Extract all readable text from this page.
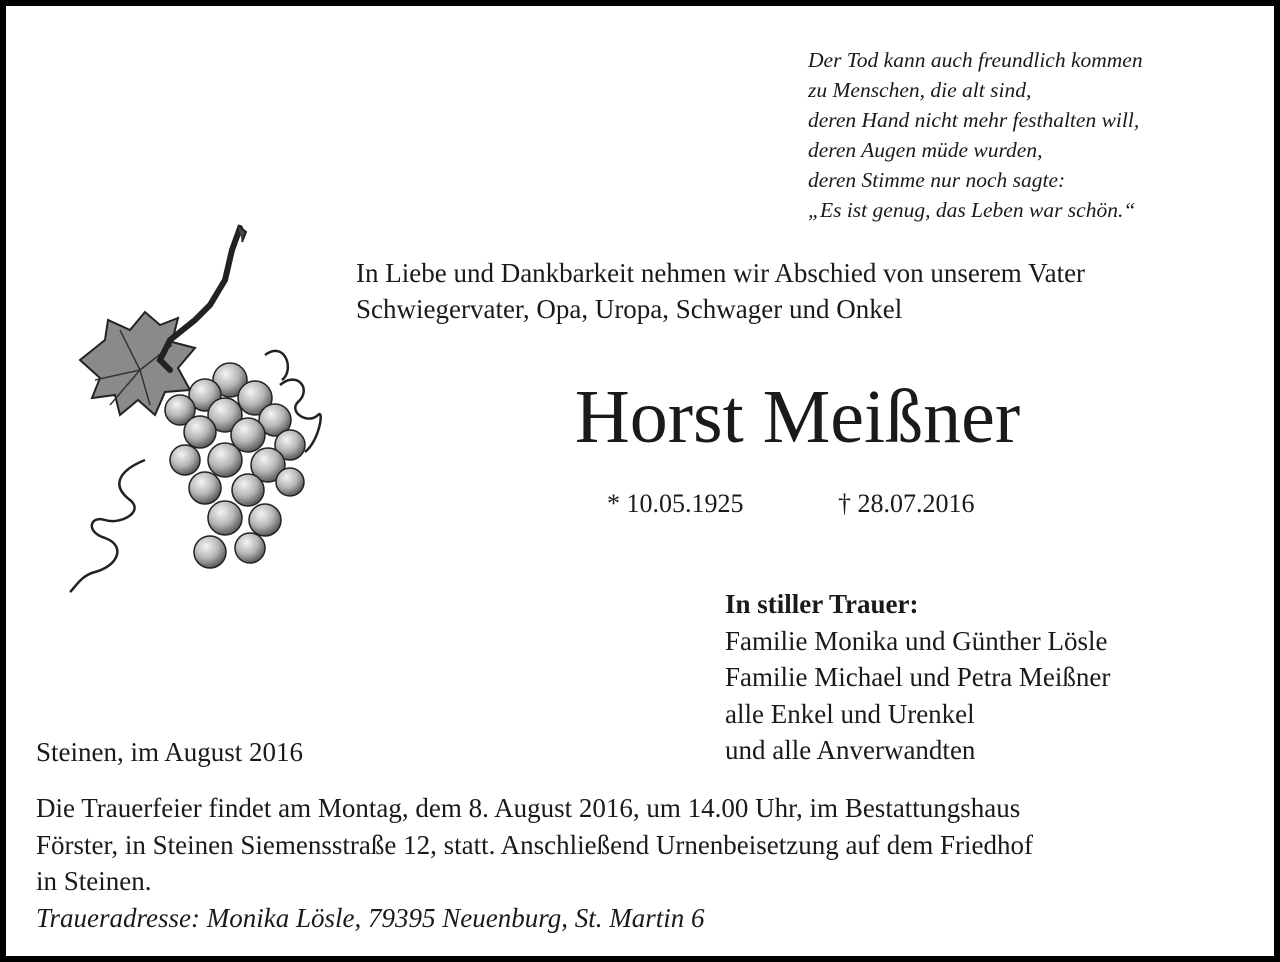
Der Tod kann auch freundlich kommen
zu Menschen, die alt sind,
deren Hand nicht mehr festhalten will,
deren Augen müde wurden,
deren Stimme nur noch sagte:
„Es ist genug, das Leben war schön.“
In Liebe und Dankbarkeit nehmen wir Abschied von unserem Vater
Schwiegervater, Opa, Uropa, Schwager und Onkel
Horst Meißner
* 10.05.1925	† 28.07.2016
In stiller Trauer:
Familie Monika und Günther Lösle
Familie Michael und Petra Meißner
alle Enkel und Urenkel
und alle Anverwandten
Steinen, im August 2016
Die Trauerfeier findet am Montag, dem 8. August 2016, um 14.00 Uhr, im Bestattungshaus
Förster, in Steinen Siemensstraße 12, statt. Anschließend Urnenbeisetzung auf dem Friedhof
in Steinen.
Traueradresse: Monika Lösle, 79395 Neuenburg, St. Martin 6
